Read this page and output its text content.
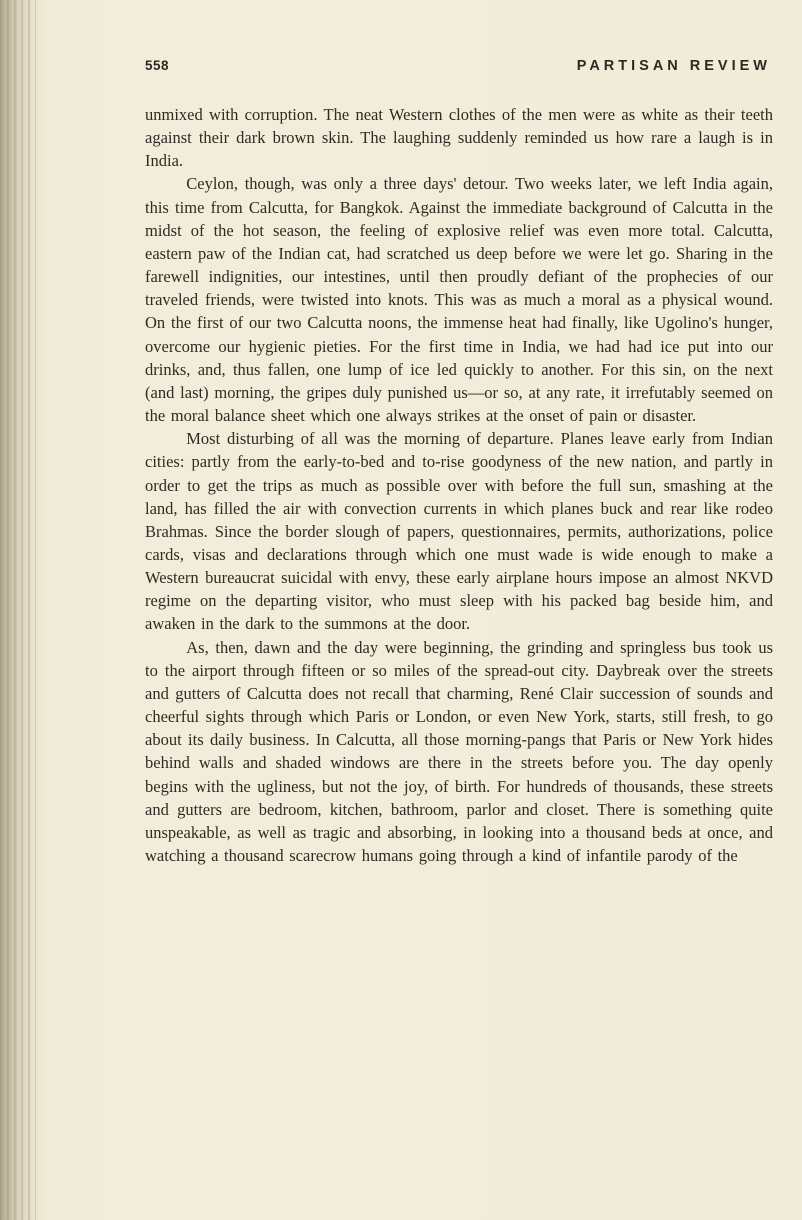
558	PARTISAN REVIEW

unmixed with corruption. The neat Western clothes of the men were as white as their teeth against their dark brown skin. The laughing suddenly reminded us how rare a laugh is in India.

Ceylon, though, was only a three days' detour. Two weeks later, we left India again, this time from Calcutta, for Bangkok. Against the immediate background of Calcutta in the midst of the hot season, the feeling of explosive relief was even more total. Calcutta, eastern paw of the Indian cat, had scratched us deep before we were let go. Sharing in the farewell indignities, our intestines, until then proudly defiant of the prophecies of our traveled friends, were twisted into knots. This was as much a moral as a physical wound. On the first of our two Calcutta noons, the immense heat had finally, like Ugolino's hunger, overcome our hygienic pieties. For the first time in India, we had had ice put into our drinks, and, thus fallen, one lump of ice led quickly to another. For this sin, on the next (and last) morning, the gripes duly punished us—or so, at any rate, it irrefutably seemed on the moral balance sheet which one always strikes at the onset of pain or disaster.

Most disturbing of all was the morning of departure. Planes leave early from Indian cities: partly from the early-to-bed and to-rise goodyness of the new nation, and partly in order to get the trips as much as possible over with before the full sun, smashing at the land, has filled the air with convection currents in which planes buck and rear like rodeo Brahmas. Since the border slough of papers, questionnaires, permits, authorizations, police cards, visas and declarations through which one must wade is wide enough to make a Western bureaucrat suicidal with envy, these early airplane hours impose an almost NKVD regime on the departing visitor, who must sleep with his packed bag beside him, and awaken in the dark to the summons at the door.

As, then, dawn and the day were beginning, the grinding and springless bus took us to the airport through fifteen or so miles of the spread-out city. Daybreak over the streets and gutters of Calcutta does not recall that charming, René Clair succession of sounds and cheerful sights through which Paris or London, or even New York, starts, still fresh, to go about its daily business. In Calcutta, all those morning-pangs that Paris or New York hides behind walls and shaded windows are there in the streets before you. The day openly begins with the ugliness, but not the joy, of birth. For hundreds of thousands, these streets and gutters are bedroom, kitchen, bathroom, parlor and closet. There is something quite unspeakable, as well as tragic and absorbing, in looking into a thousand beds at once, and watching a thousand scarecrow humans going through a kind of infantile parody of the
